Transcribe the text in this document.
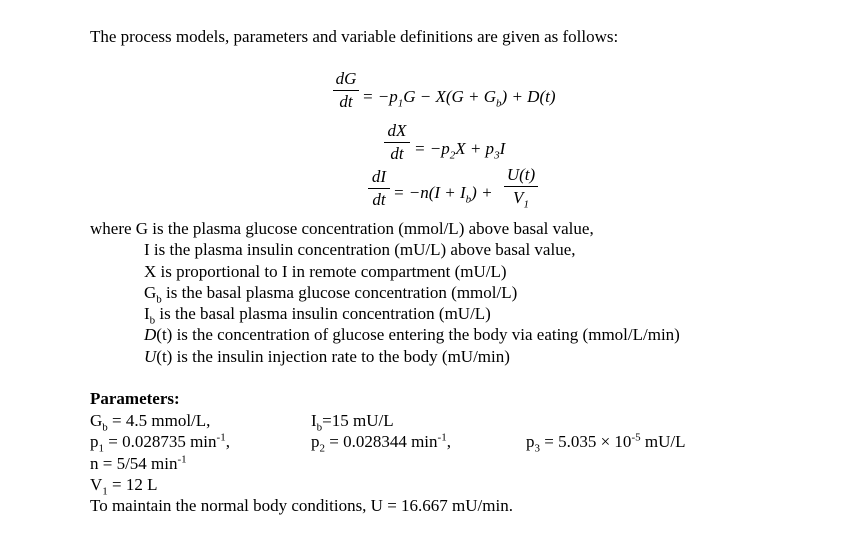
The process models, parameters and variable definitions are given as follows:
dG
dt = $-p_1G - X(G + G_b) + D(t)$
dX
dt = $-p_2X + p_3I$
dI
dt = $-n(I + I_b)$ +
U(t)
$V_1$
where G is the plasma glucose concentration (mmol/L) above basal value,
I is the plasma insulin concentration (mU/L) above basal value,
X is proportional to I in remote compartment (mU/L)
$G_b$ is the basal plasma glucose concentration (mmol/L)
$I_b$ is the basal plasma insulin concentration (mU/L)
D(t) is the concentration of glucose entering the body via eating (mmol/L/min)
U(t) is the insulin injection rate to the body (mU/min)
Parameters:
$G_b = 4.5$ mmol/L,	$I_b=15$ mU/L
$p_1 = 0.028735$ $\min^{-1}$,	$p_2 = 0.028344$ $\min^{-1}$,	$p_3 = 5.035 \times 10^{-5}$ mU/L
n = 5/54 $\min^{-1}$
$V_1 = 12$ L
To maintain the normal body conditions, U = 16.667 mU/min.
